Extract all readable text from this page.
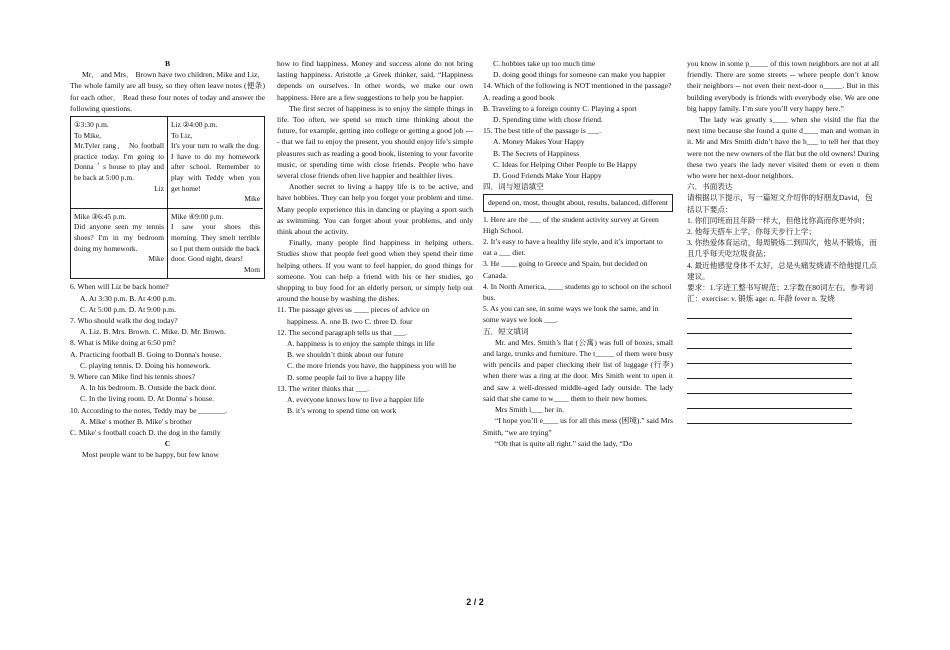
B

Mr． and Mrs． Brown have two children, Mike and Liz． The whole family are all busy, so they often leave notes (便条) for each other． Read these four notes of today and answer the following questions.

①3:30 p.m.
To Mike,
Mr.Tyler rang． No football practice today. I'm going to Donna＇s house to play and be back at 5:00 p.m.

Liz

Liz ②4:00 p.m.
To Liz,
It's your turn to walk the dog. I have to do my homework after school. Remember to play with Teddy when you get home!

Mike

Mike ③6:45 p.m.
Did anyone seen my tennis shoes? I'm in my bedroom doing my homework.

Mike

Mike ④9:00 p.m.
I saw your shoes this morning. They smelt terrible so I put them outside the back door. Good night, dears!

Mom

6. When will Liz be back home?

A. At 3:30 p.m. B. At 4:00 p.m.

C. At 5:00 p.m. D. At 9:00 p.m.

7. Who should walk the dog today?

A. Liz. B. Mrs. Brown. C. Mike. D. Mr. Brown.

8. What is Mike doing at 6:50 pm?

A. Practicing football B. Going to Donna's house.

C. playing tennis. D. Doing his homework.

9. Where can Mike find his tennis shoes?

A. In his bedroom. B. Outside the back door.

C. In the living room. D. At Donna' s house.

10. According to the notes, Teddy may be _______.

A. Mike' s mother B. Mike' s brother

C. Mike' s football coach D. the dog in the family

C

Most people want to be happy, but few know

how to find happiness. Money and success alone do not bring lasting happiness. Aristotle ,a Greek thinker, said, “Happiness depends on ourselves. In other words, we make our own happiness. Here are a few suggestions to help you be happier.

The first secret of happiness is to enjoy the simple things in life. Too often, we spend so much time thinking about the future, for example, getting into college or getting a good job ---- that we fail to enjoy the present, you should enjoy life’s simple pleasures such as reading a good book, listening to your favorite music, or spending time with close friends. People who have several close friends often live happier and healthier lives.

Another secret to living a happy life is to be active, and have hobbies. They can help you forget your problem and time. Many people experience this in dancing or playing a sport such as swimming. You can forget about your problems, and only think about the activity.

Finally, many people find happiness in helping others. Studies show that people feel good when they spend their time helping others. If you want to feel happier, do good things for someone. You can help a friend with his or her studies, go shopping to buy food for an elderly person, or simply help out around the house by washing the dishes.

11. The passage gives us ____ pieces of advice on

happiness. A. one B. two C. three D. four

12. The second paragraph tells us that ___.

A. happiness is to enjoy the sample things in life

B. we shouldn’t think about our future

C. the more friends you have, the happiness you will be

D. some people fail to live a happy life

13. The writer thinks that ___.

A. everyone knows how to live a happier life

B. it’s wrong to spend time on work

C. hobbies take up too much time

D. doing good things for someone can make you happier

14. Which of the following is NOT mentioned in the passage? A. reading a good book

B. Traveling to a foreign county C. Playing a sport

D. Spending time with chose friend.

15. The best title of the passage is ___.

A. Money Makes Your Happy

B. The Secrets of Happiness

C. Ideas for Helping Other People to Be Happy

D. Good Friends Make Your Happy

四．词与短语填空

depend on, most, thought about, results, balanced, different

1. Here are the ___ of the student activity survey at Green High School.

2. It’s easy to have a healthy life style, and it’s important to eat a ___ diet.

3. He ____ going to Greece and Spain, but decided on Canada.

4. In North America, ____ students go to school on the school bus.

5. As you can see, in some ways we look the same, and in some ways we look ___.

五．短文填词

Mr. and Mrs. Smith’s flat (公寓) was full of boxes, small and large, trunks and furniture. The t_____ of them were busy with pencils and paper checking their list of luggage (行李) when there was a ring at the door. Mrs Smith went to open it and saw a well-dressed middle-aged lady outside. The lady said that she came to w____ them to their new homes.

Mrs Smith i___ her in.

“I hope you’ll e____ us for all this mess (困境).” said Mrs Smith, “we are trying”

“Oh that is quite all right.” said the lady, “Do

you know in some p_____ of this town neighbors are not at all friendly. There are some streets -- where people don’t know their neighbors -- not even their next-door o_____. But in this building everybody is friends with everybody else. We are one big happy family. I’m sure you’ll very happy here.”

The lady was greatly s____ when she visitd the flat the next time because she found a quite d____ man and woman in it. Mr and Mrs Smith didn’t have the h___ to tell her that they were not the new owners of the flat but the old owners! During these two years the lady never visited them or even n them who were her next-door neighbors.

六．书面表达

请根据以下提示，写一篇短文介绍你的好朋友David，包括以下要点：

1. 你们同班而且年龄一样大，但他比你高而你更外向；

2. 他每天搭车上学，你每天步行上学；

3. 你热爱体育运动，每周锻炼二到四次，他从不锻炼，而且几乎每天吃垃圾食品；

4. 最近他感觉身体不太好，总是头痛发烧请不给他提几点建议。

要求：1.字迹工整书写规范；2.字数在80词左右。参考词汇：exercise: v. 锻炼 age: n. 年龄 fever n. 发烧

2 / 2
